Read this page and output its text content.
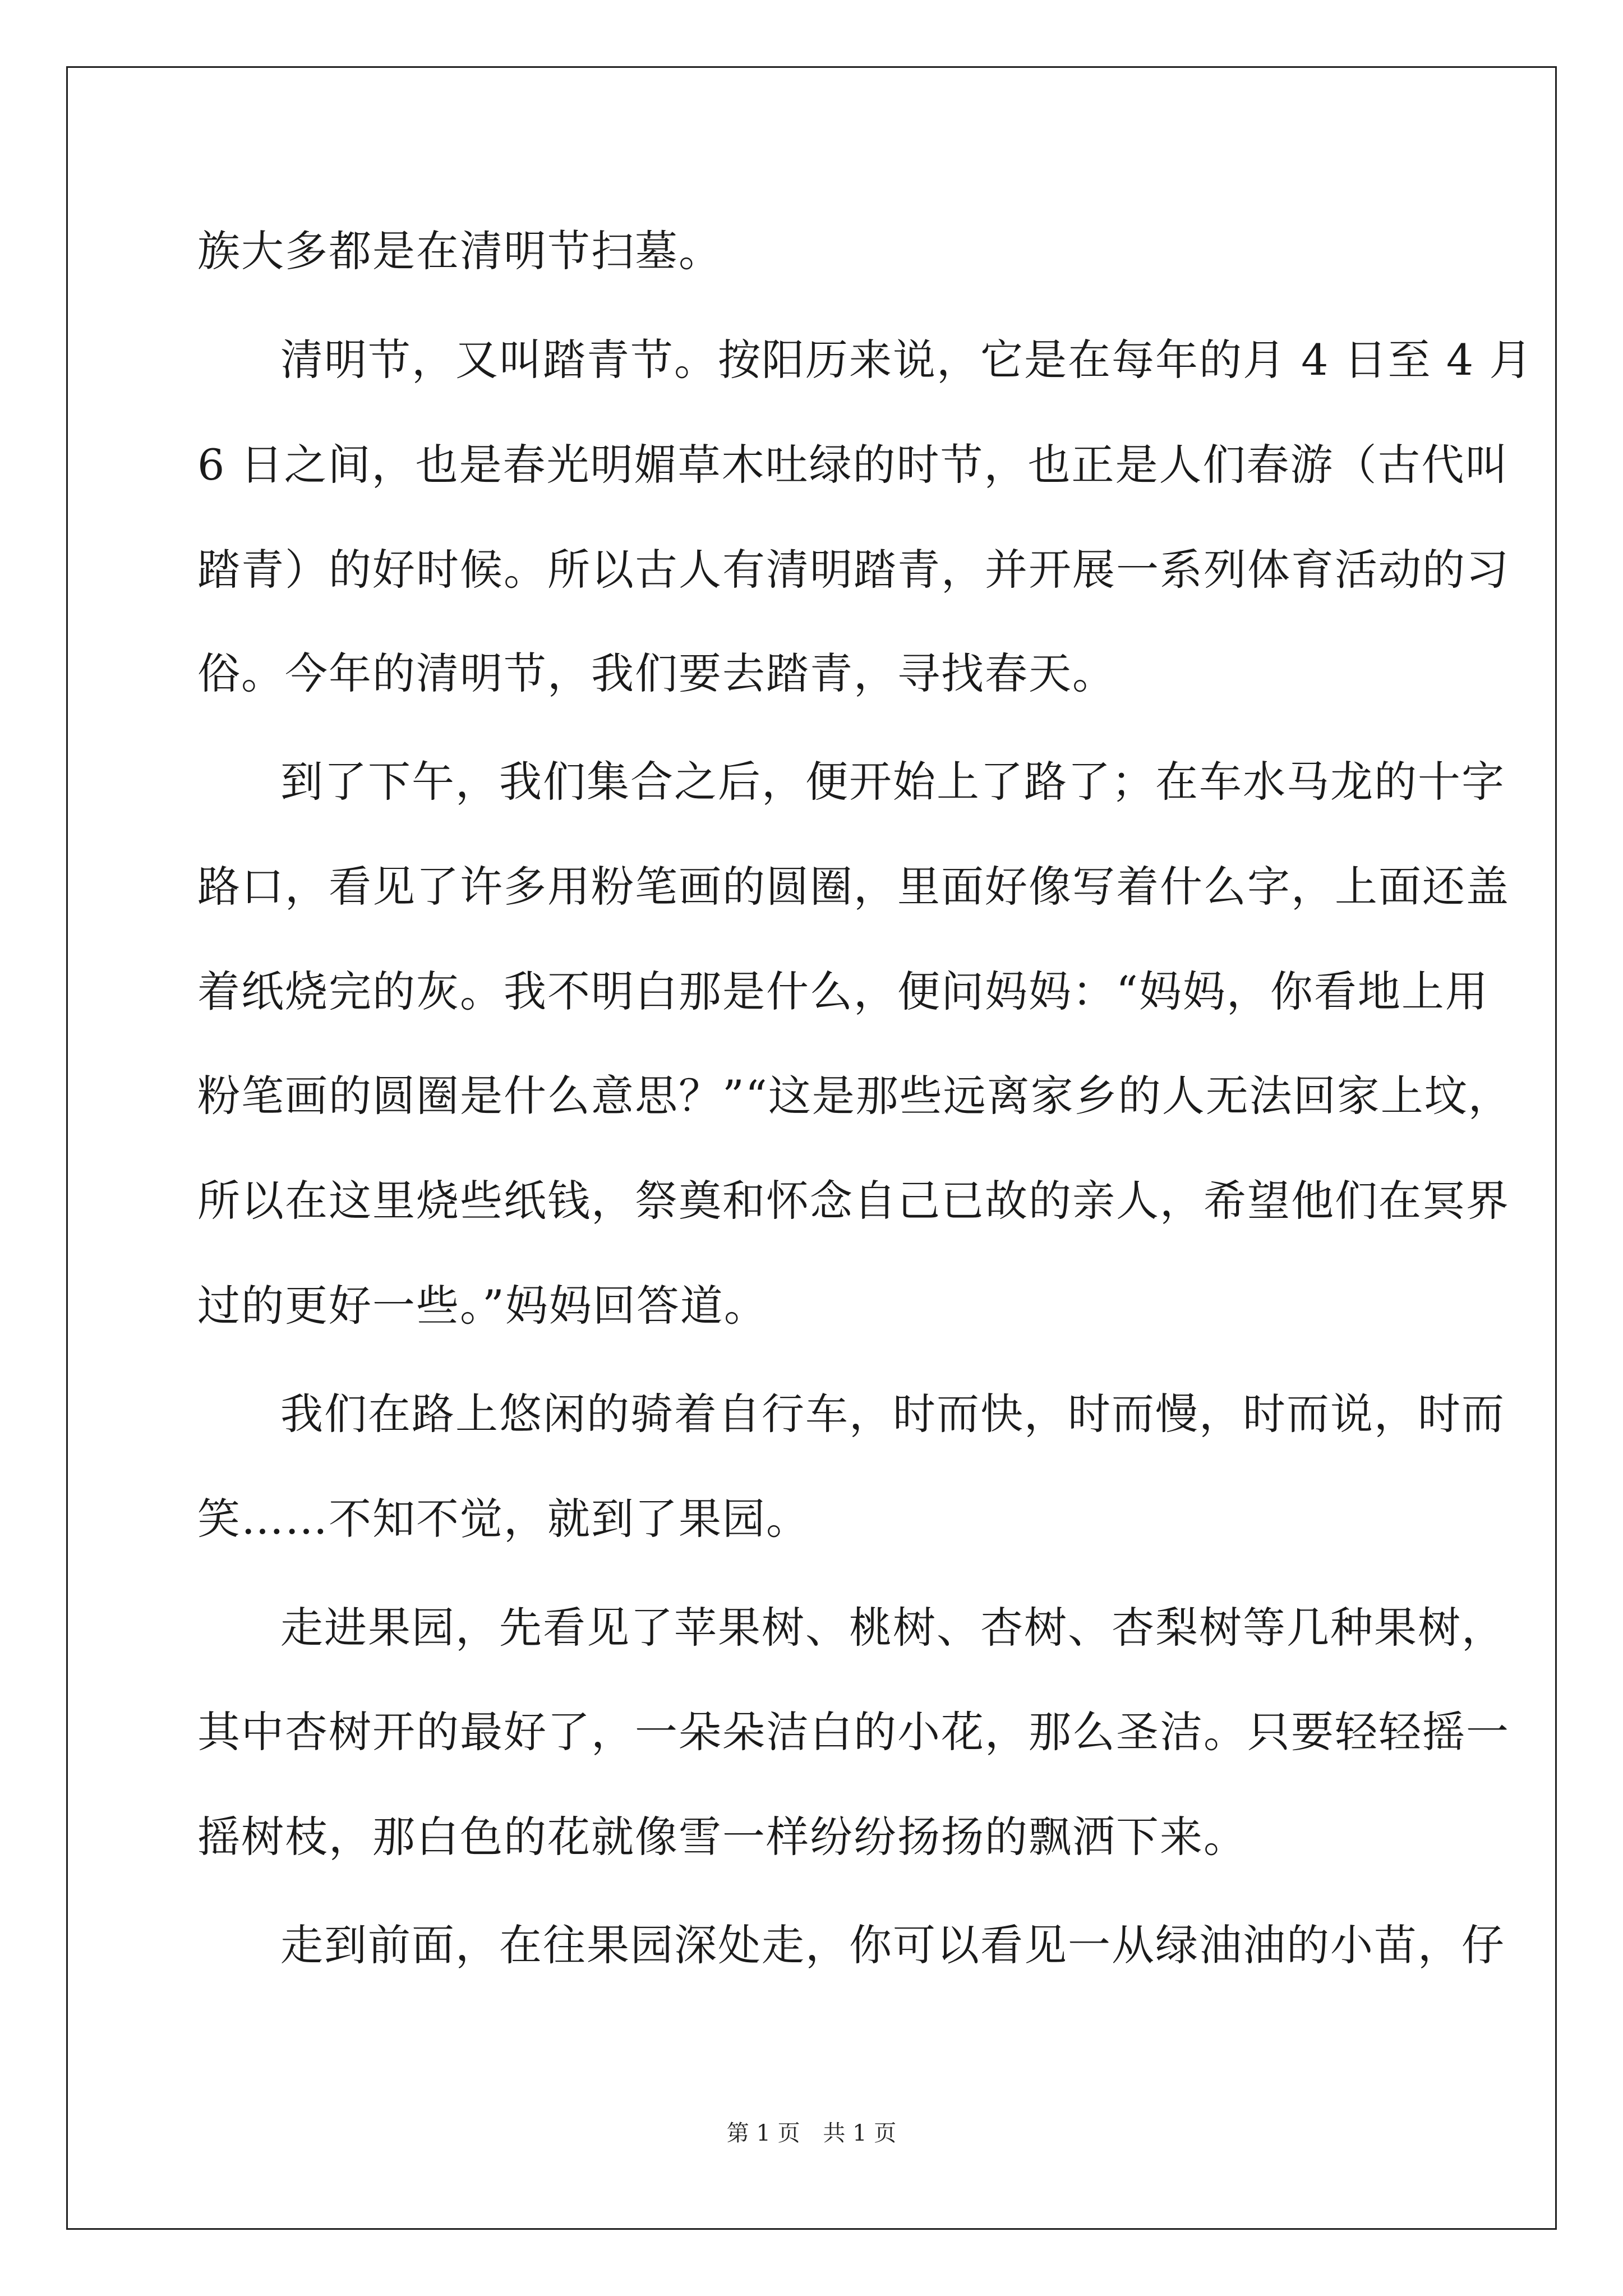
族大多都是在清明节扫墓。
清明节，又叫踏青节。按阳历来说，它是在每年的月 4 日至 4 月
6 日之间，也是春光明媚草木吐绿的时节，也正是人们春游（古代叫
踏青）的好时候。所以古人有清明踏青，并开展一系列体育活动的习
俗。今年的清明节，我们要去踏青，寻找春天。
到了下午，我们集合之后，便开始上了路了；在车水马龙的十字
路口，看见了许多用粉笔画的圆圈，里面好像写着什么字，上面还盖
着纸烧完的灰。我不明白那是什么，便问妈妈：“妈妈，你看地上用
粉笔画的圆圈是什么意思？”“这是那些远离家乡的人无法回家上坟，
所以在这里烧些纸钱，祭奠和怀念自己已故的亲人，希望他们在冥界
过的更好一些。”妈妈回答道。
我们在路上悠闲的骑着自行车，时而快，时而慢，时而说，时而
笑……不知不觉，就到了果园。
走进果园，先看见了苹果树、桃树、杏树、杏梨树等几种果树，
其中杏树开的最好了，一朵朵洁白的小花，那么圣洁。只要轻轻摇一
摇树枝，那白色的花就像雪一样纷纷扬扬的飘洒下来。
走到前面，在往果园深处走，你可以看见一从绿油油的小苗，仔
第 1 页 共 1 页
